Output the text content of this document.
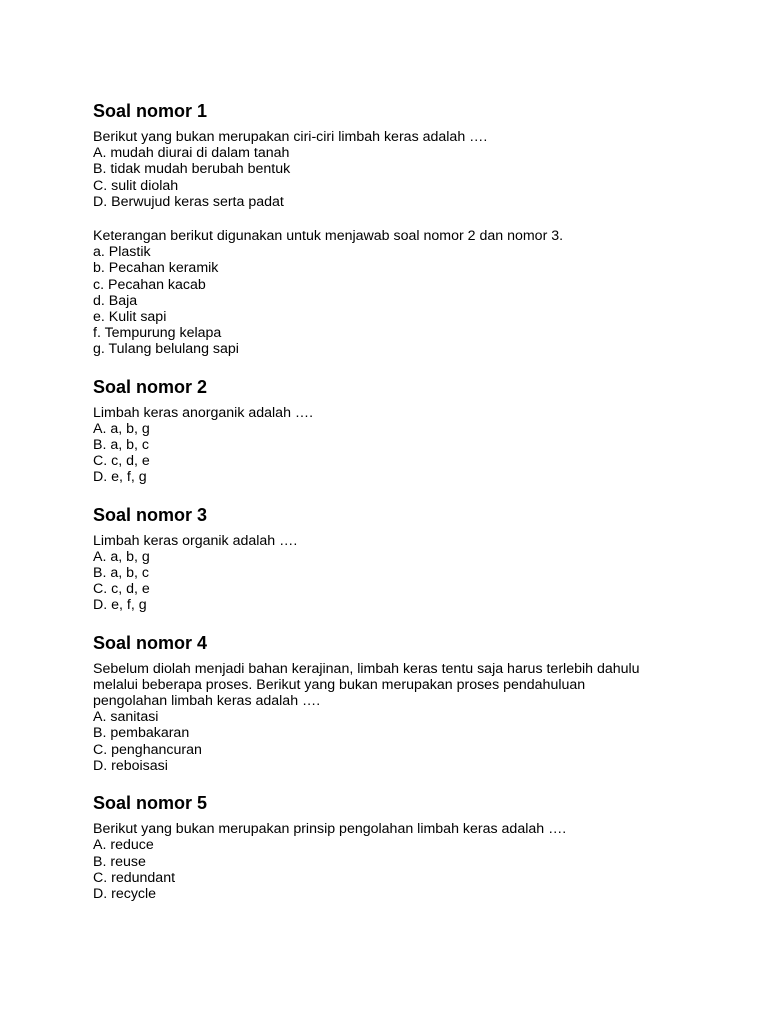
Soal nomor 1
Berikut yang bukan merupakan ciri-ciri limbah keras adalah ….
A. mudah diurai di dalam tanah
B. tidak mudah berubah bentuk
C. sulit diolah
D. Berwujud keras serta padat
Keterangan berikut digunakan untuk menjawab soal nomor 2 dan nomor 3.
a. Plastik
b. Pecahan keramik
c. Pecahan kacab
d. Baja
e. Kulit sapi
f. Tempurung kelapa
g. Tulang belulang sapi
Soal nomor 2
Limbah keras anorganik adalah ….
A. a, b, g
B. a, b, c
C. c, d, e
D. e, f, g
Soal nomor 3
Limbah keras organik adalah ….
A. a, b, g
B. a, b, c
C. c, d, e
D. e, f, g
Soal nomor 4
Sebelum diolah menjadi bahan kerajinan, limbah keras tentu saja harus terlebih dahulu
melalui beberapa proses. Berikut yang bukan merupakan proses pendahuluan
pengolahan limbah keras adalah ….
A. sanitasi
B. pembakaran
C. penghancuran
D. reboisasi
Soal nomor 5
Berikut yang bukan merupakan prinsip pengolahan limbah keras adalah ….
A. reduce
B. reuse
C. redundant
D. recycle
